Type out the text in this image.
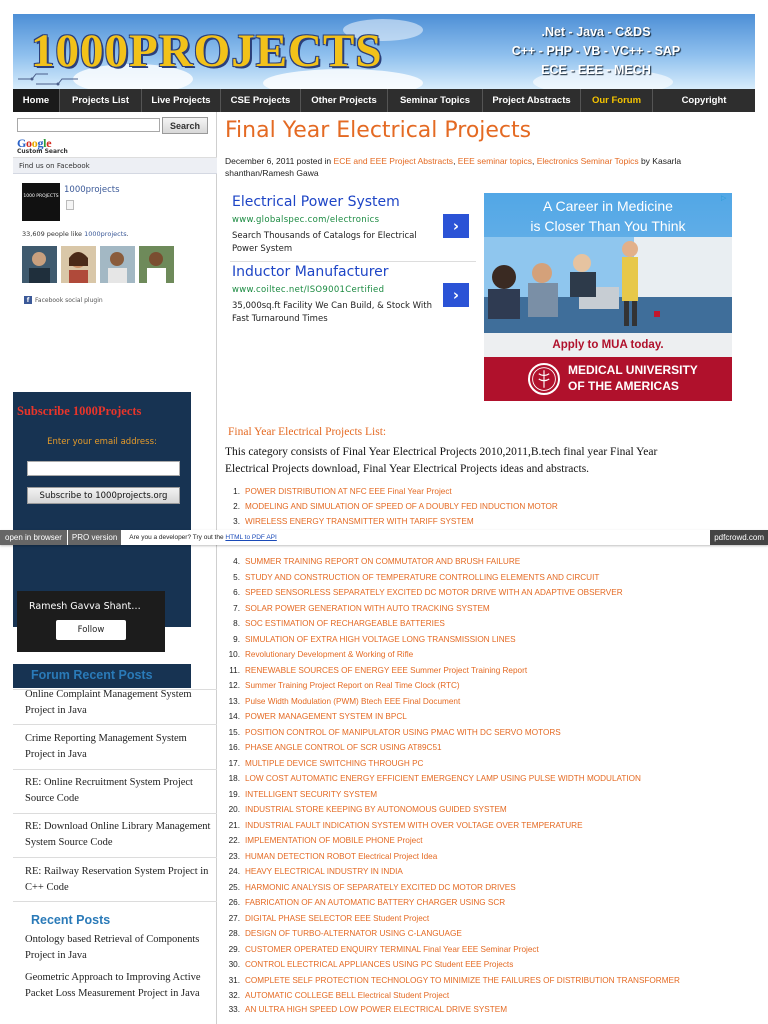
1000PROJECTS	.Net - Java - C&DS
C++ - PHP - VB - VC++ - SAP
ECE - EEE - MECH
Home	Projects List	Live Projects	CSE Projects	Other Projects	Seminar Topics	Project Abstracts	Our Forum	Copyright
Search
Google
Custom Search
Find us on Facebook
1000 PROJECTS
1000projects
33,609 people like 1000projects.
f Facebook social plugin
Subscribe 1000Projects
Enter your email address:
Subscribe to 1000projects.org
Ramesh Gavva Shant…
Follow
Forum Recent Posts
Online Complaint Management System Project in Java
Crime Reporting Management System Project in Java
RE: Online Recruitment System Project Source Code
RE: Download Online Library Management System Source Code
RE: Railway Reservation System Project in C++ Code
Recent Posts
Ontology based Retrieval of Components Project in Java
Geometric Approach to Improving Active Packet Loss Measurement Project in Java
Final Year Electrical Projects
December 6, 2011 posted in ECE and EEE Project Abstracts, EEE seminar topics, Electronics Seminar Topics by Kasarla shanthan/Ramesh Gawa
Electrical Power System
www.globalspec.com/electronics
Search Thousands of Catalogs for Electrical Power System
›
Inductor Manufacturer
www.coiltec.net/ISO9001Certified
35,000sq.ft Facility We Can Build, & Stock With Fast Turnaround Times
›
A Career in Medicine
is Closer Than You Think
▷
Apply to MUA today.
MEDICAL UNIVERSITY
OF THE AMERICAS
Final Year Electrical Projects List:
This category consists of Final Year Electrical Projects 2010,2011,B.tech final year Final Year Electrical Projects download, Final Year Electrical Projects ideas and abstracts.
1. POWER DISTRIBUTION AT NFC EEE Final Year Project
2. MODELING AND SIMULATION OF SPEED OF A DOUBLY FED INDUCTION MOTOR
3. WIRELESS ENERGY TRANSMITTER WITH TARIFF SYSTEM
4. SUMMER TRAINING REPORT ON COMMUTATOR AND BRUSH FAILURE
5. STUDY AND CONSTRUCTION OF TEMPERATURE CONTROLLING ELEMENTS AND CIRCUIT
6. SPEED SENSORLESS SEPARATELY EXCITED DC MOTOR DRIVE WITH AN ADAPTIVE OBSERVER
7. SOLAR POWER GENERATION WITH AUTO TRACKING SYSTEM
8. SOC ESTIMATION OF RECHARGEABLE BATTERIES
9. SIMULATION OF EXTRA HIGH VOLTAGE LONG TRANSMISSION LINES
10. Revolutionary Development & Working of Rifle
11. RENEWABLE SOURCES OF ENERGY EEE Summer Project Training Report
12. Summer Training Project Report on Real Time Clock (RTC)
13. Pulse Width Modulation (PWM) Btech EEE Final Document
14. POWER MANAGEMENT SYSTEM IN BPCL
15. POSITION CONTROL OF MANIPULATOR USING PMAC WITH DC SERVO MOTORS
16. PHASE ANGLE CONTROL OF SCR USING AT89C51
17. MULTIPLE DEVICE SWITCHING THROUGH PC
18. LOW COST AUTOMATIC ENERGY EFFICIENT EMERGENCY LAMP USING PULSE WIDTH MODULATION
19. INTELLIGENT SECURITY SYSTEM
20. INDUSTRIAL STORE KEEPING BY AUTONOMOUS GUIDED SYSTEM
21. INDUSTRIAL FAULT INDICATION SYSTEM WITH OVER VOLTAGE OVER TEMPERATURE
22. IMPLEMENTATION OF MOBILE PHONE Project
23. HUMAN DETECTION ROBOT Electrical Project Idea
24. HEAVY ELECTRICAL INDUSTRY IN INDIA
25. HARMONIC ANALYSIS OF SEPARATELY EXCITED DC MOTOR DRIVES
26. FABRICATION OF AN AUTOMATIC BATTERY CHARGER USING SCR
27. DIGITAL PHASE SELECTOR EEE Student Project
28. DESIGN OF TURBO-ALTERNATOR USING C-LANGUAGE
29. CUSTOMER OPERATED ENQUIRY TERMINAL Final Year EEE Seminar Project
30. CONTROL ELECTRICAL APPLIANCES USING PC Student EEE Projects
31. COMPLETE SELF PROTECTION TECHNOLOGY TO MINIMIZE THE FAILURES OF DISTRIBUTION TRANSFORMER
32. AUTOMATIC COLLEGE BELL Electrical Student Project
33. AN ULTRA HIGH SPEED LOW POWER ELECTRICAL DRIVE SYSTEM
open in browser	PRO version	Are you a developer? Try out the HTML to PDF API	pdfcrowd.com
